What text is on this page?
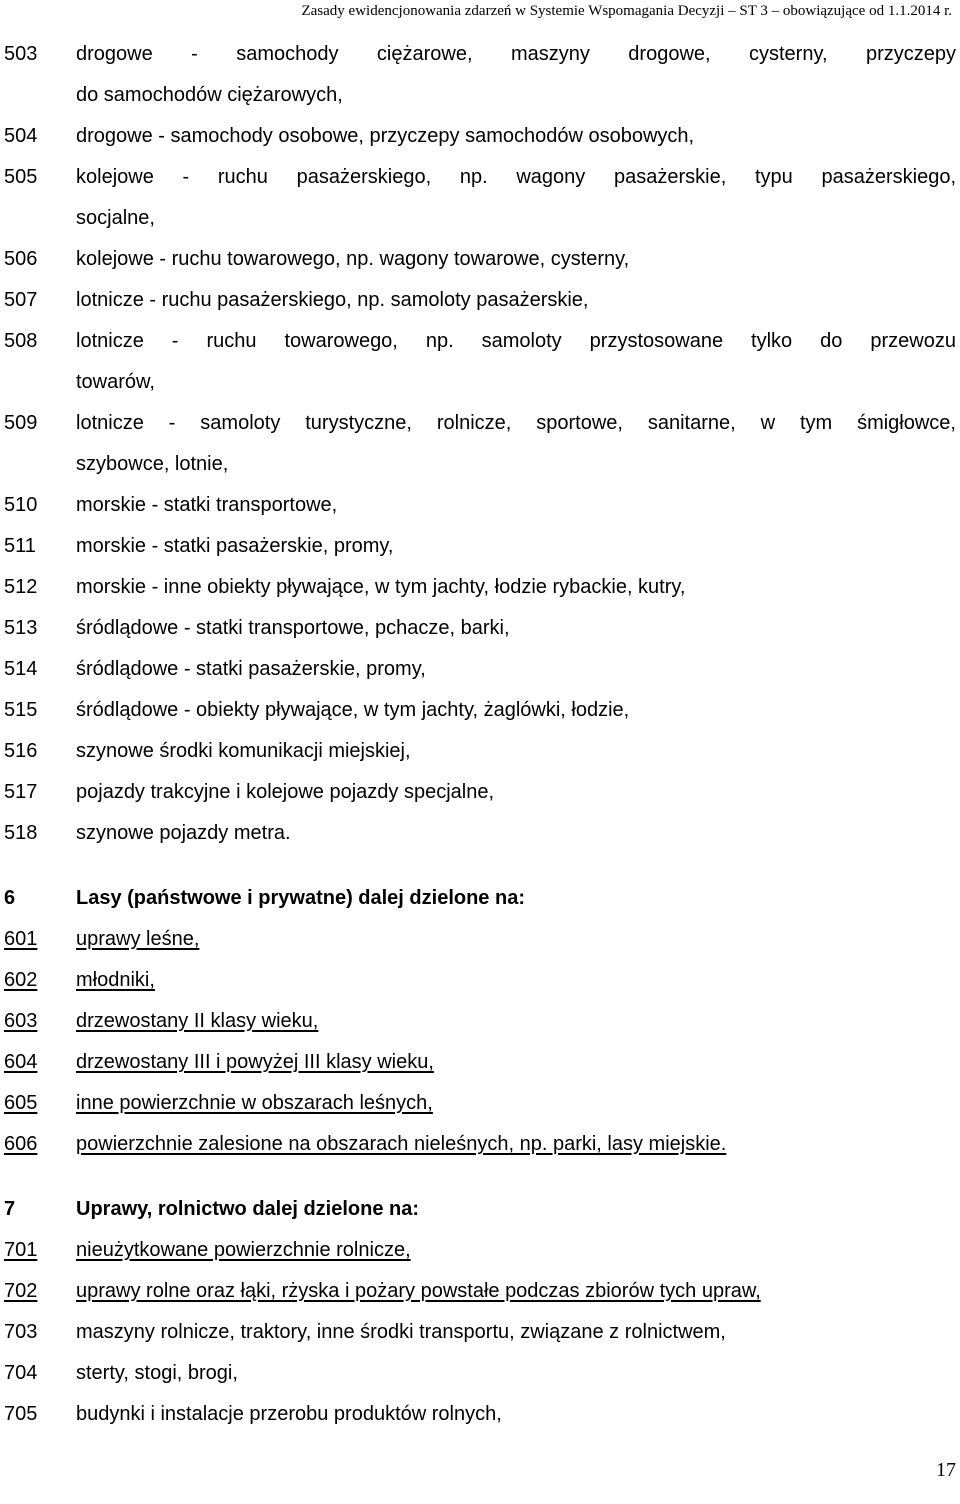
Zasady ewidencjonowania zdarzeń w Systemie Wspomagania Decyzji – ST 3 – obowiązujące od 1.1.2014 r.
503 drogowe - samochody ciężarowe, maszyny drogowe, cysterny, przyczepy
do samochodów ciężarowych,
504 drogowe - samochody osobowe, przyczepy samochodów osobowych,
505 kolejowe - ruchu pasażerskiego, np. wagony pasażerskie, typu pasażerskiego,
socjalne,
506 kolejowe - ruchu towarowego, np. wagony towarowe, cysterny,
507 lotnicze - ruchu pasażerskiego, np. samoloty pasażerskie,
508 lotnicze - ruchu towarowego, np. samoloty przystosowane tylko do przewozu
towarów,
509 lotnicze - samoloty turystyczne, rolnicze, sportowe, sanitarne, w tym śmigłowce,
szybowce, lotnie,
510 morskie - statki transportowe,
511 morskie - statki pasażerskie, promy,
512 morskie - inne obiekty pływające, w tym jachty, łodzie rybackie, kutry,
513 śródlądowe - statki transportowe, pchacze, barki,
514 śródlądowe - statki pasażerskie, promy,
515 śródlądowe - obiekty pływające, w tym jachty, żaglówki, łodzie,
516 szynowe środki komunikacji miejskiej,
517 pojazdy trakcyjne i kolejowe pojazdy specjalne,
518 szynowe pojazdy metra.
6	Lasy (państwowe i prywatne) dalej dzielone na:
601	uprawy leśne,
602	młodniki,
603	drzewostany II klasy wieku,
604	drzewostany III i powyżej III klasy wieku,
605	inne powierzchnie w obszarach leśnych,
606	powierzchnie zalesione na obszarach nieleśnych, np. parki, lasy miejskie.
7	Uprawy, rolnictwo dalej dzielone na:
701	nieużytkowane powierzchnie rolnicze,
702	uprawy rolne oraz łąki, rżyska i pożary powstałe podczas zbiorów tych upraw,
703 maszyny rolnicze, traktory, inne środki transportu, związane z rolnictwem,
704 sterty, stogi, brogi,
705 budynki i instalacje przerobu produktów rolnych,
17
